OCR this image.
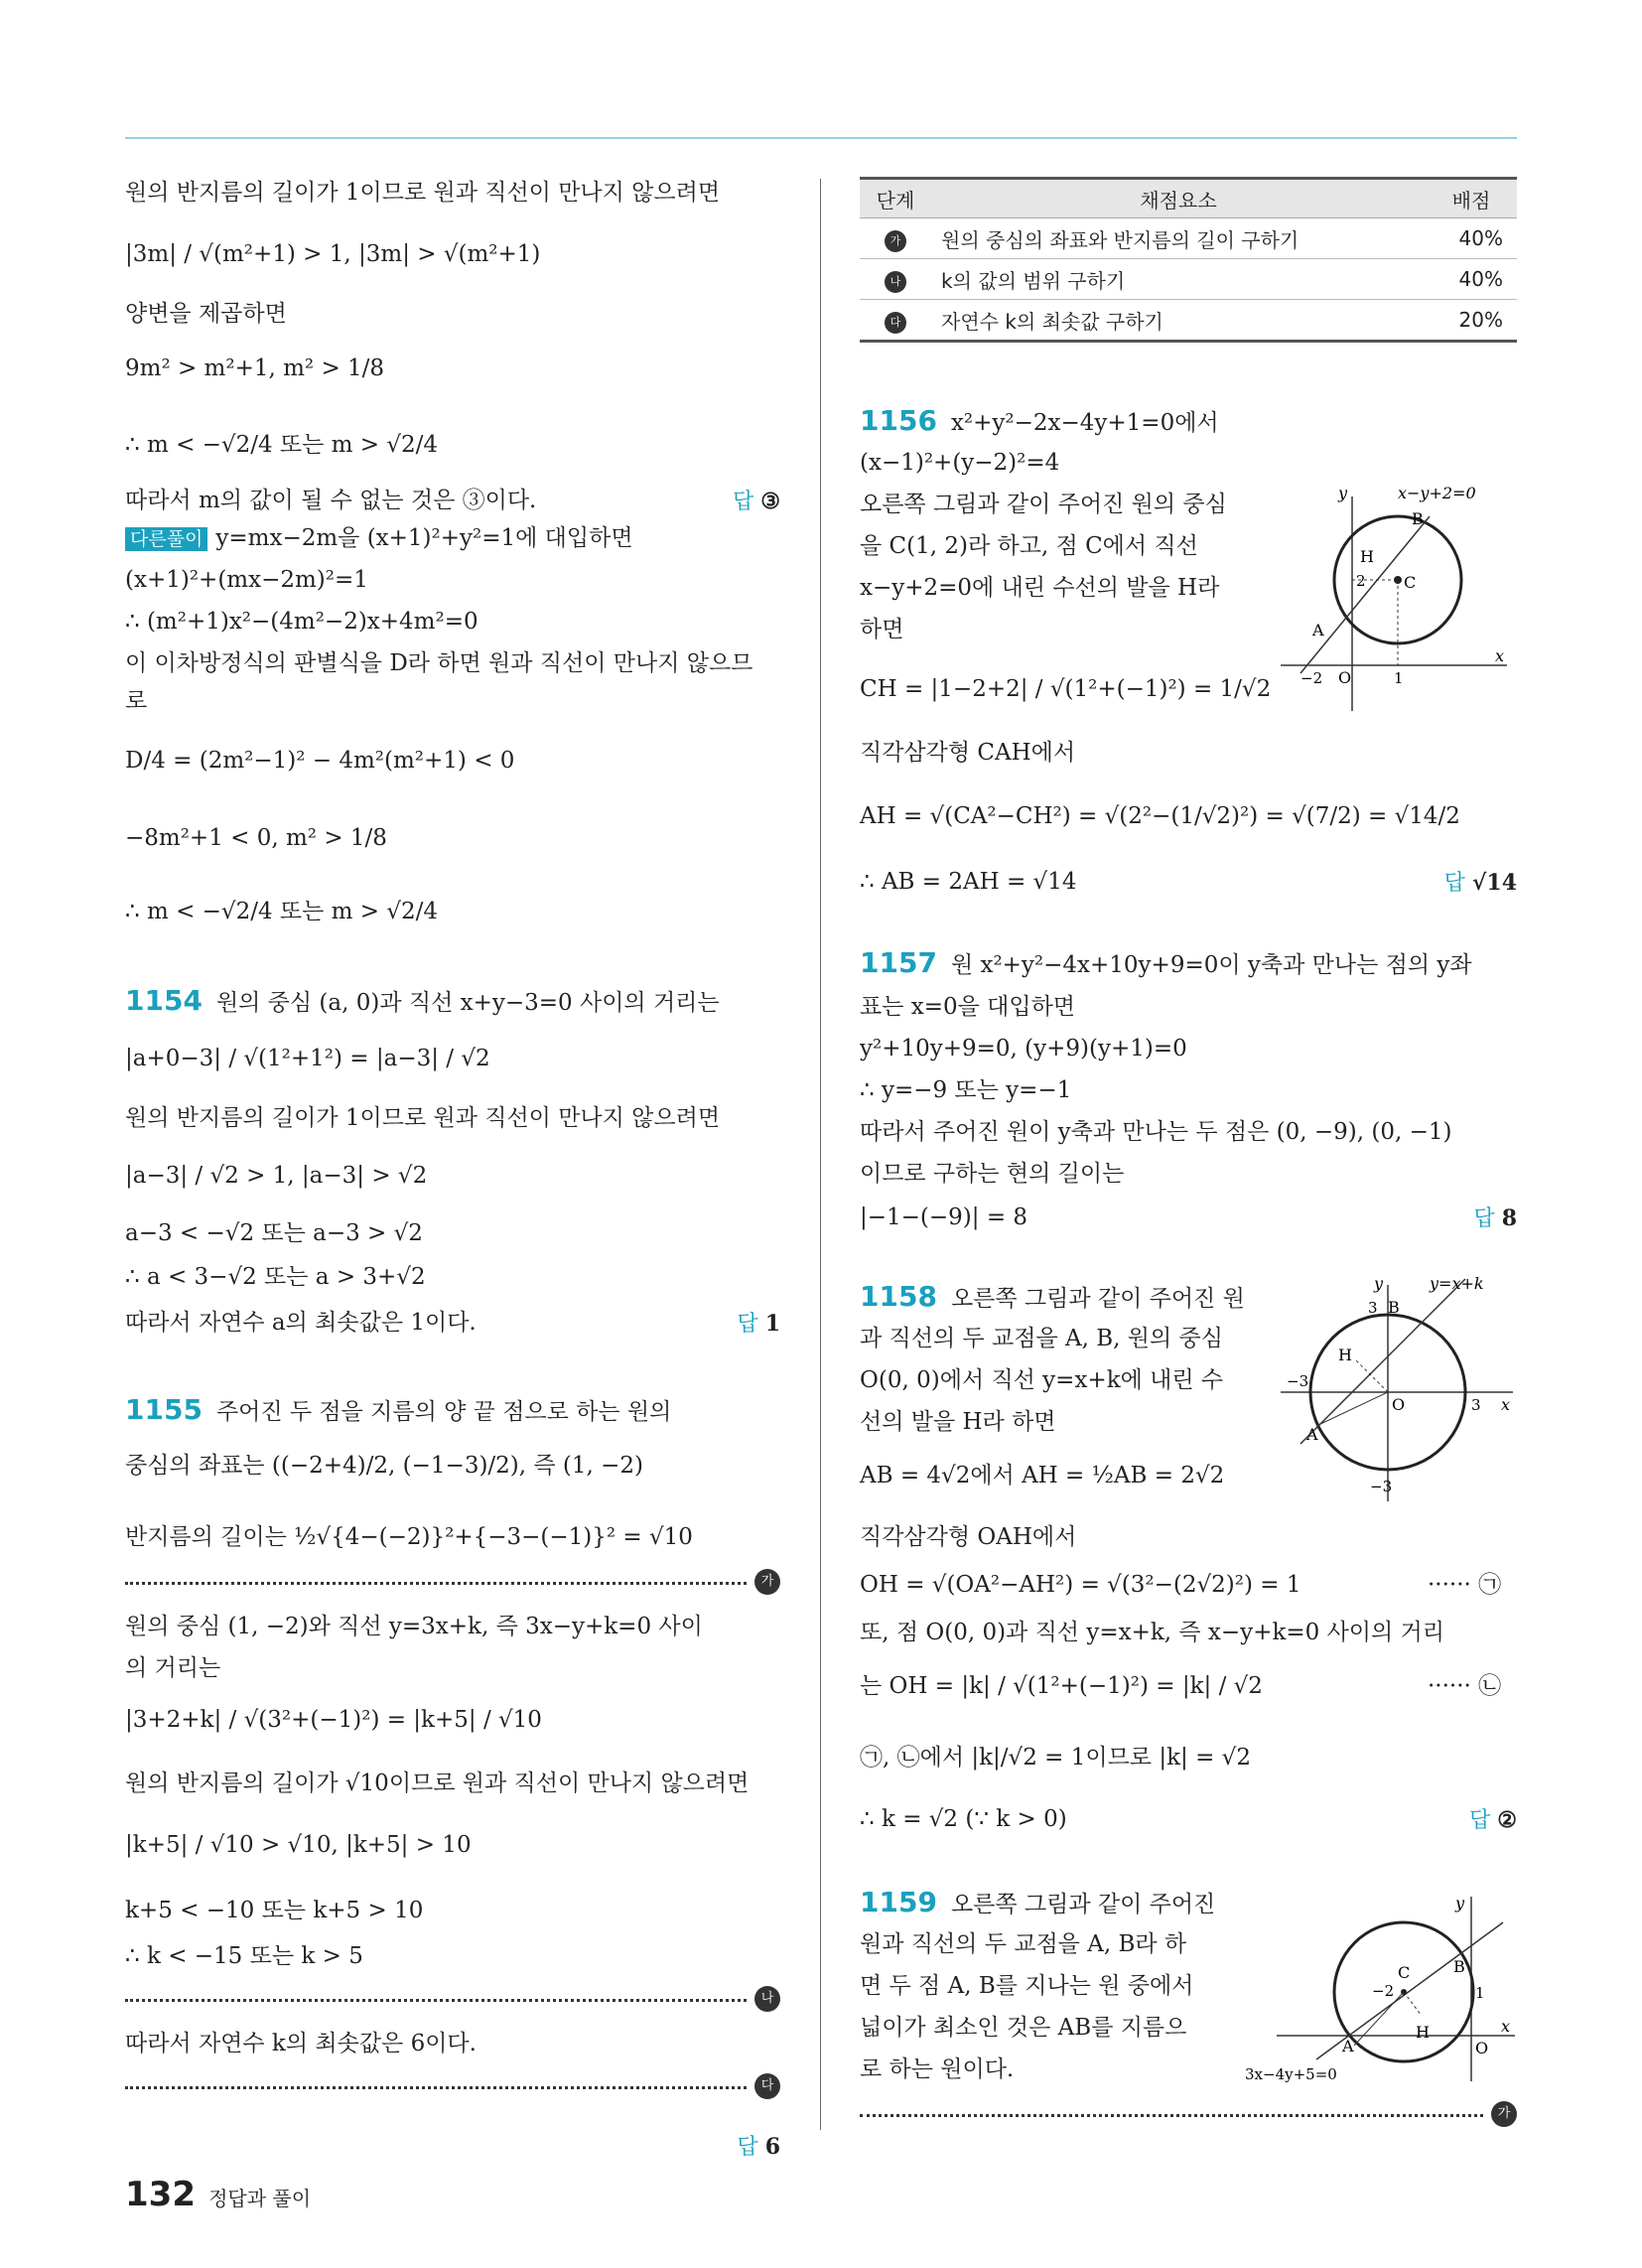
원의 반지름의 길이가 1이므로 원과 직선이 만나지 않으려면
|3m| / √(m²+1) > 1, |3m| > √(m²+1)
양변을 제곱하면
9m² > m²+1, m² > 1/8
∴ m < −√2/4 또는 m > √2/4
따라서 m의 값이 될 수 없는 것은 ③이다.	답 ③
다른풀이 y=mx−2m을 (x+1)²+y²=1에 대입하면
(x+1)²+(mx−2m)²=1
∴ (m²+1)x²−(4m²−2)x+4m²=0
이 이차방정식의 판별식을 D라 하면 원과 직선이 만나지 않으므
로
D/4 = (2m²−1)² − 4m²(m²+1) < 0
−8m²+1 < 0, m² > 1/8
∴ m < −√2/4 또는 m > √2/4
1154 원의 중심 (a, 0)과 직선 x+y−3=0 사이의 거리는
|a+0−3| / √(1²+1²) = |a−3| / √2
원의 반지름의 길이가 1이므로 원과 직선이 만나지 않으려면
|a−3| / √2 > 1, |a−3| > √2
a−3 < −√2 또는 a−3 > √2
∴ a < 3−√2 또는 a > 3+√2
따라서 자연수 a의 최솟값은 1이다.	답 1
1155 주어진 두 점을 지름의 양 끝 점으로 하는 원의
중심의 좌표는 ((−2+4)/2, (−1−3)/2), 즉 (1, −2)
반지름의 길이는 ½√{4−(−2)}²+{−3−(−1)}² = √10
가
원의 중심 (1, −2)와 직선 y=3x+k, 즉 3x−y+k=0 사이
의 거리는
|3+2+k| / √(3²+(−1)²) = |k+5| / √10
원의 반지름의 길이가 √10이므로 원과 직선이 만나지 않으려면
|k+5| / √10 > √10, |k+5| > 10
k+5 < −10 또는 k+5 > 10
∴ k < −15 또는 k > 5
나
따라서 자연수 k의 최솟값은 6이다.
다
답 6
단계	채점요소	배점
가	원의 중심의 좌표와 반지름의 길이 구하기	40%
나	k의 값의 범위 구하기	40%
다	자연수 k의 최솟값 구하기	20%
1156 x²+y²−2x−4y+1=0에서
(x−1)²+(y−2)²=4
오른쪽 그림과 같이 주어진 원의 중심
을 C(1, 2)라 하고, 점 C에서 직선
x−y+2=0에 내린 수선의 발을 H라
하면
CH = |1−2+2| / √(1²+(−1)²) = 1/√2
직각삼각형 CAH에서
AH = √(CA²−CH²) = √(2²−(1/√2)²) = √(7/2) = √14/2
∴ AB = 2AH = √14	답 √14
y	x−y+2=0
x
O
−2	1
2
A
B
C
H
1157 원 x²+y²−4x+10y+9=0이 y축과 만나는 점의 y좌
표는 x=0을 대입하면
y²+10y+9=0, (y+9)(y+1)=0
∴ y=−9 또는 y=−1
따라서 주어진 원이 y축과 만나는 두 점은 (0, −9), (0, −1)
이므로 구하는 현의 길이는
|−1−(−9)| = 8	답 8
1158 오른쪽 그림과 같이 주어진 원
과 직선의 두 교점을 A, B, 원의 중심
O(0, 0)에서 직선 y=x+k에 내린 수
선의 발을 H라 하면
AB = 4√2에서 AH = ½AB = 2√2
직각삼각형 OAH에서
OH = √(OA²−AH²) = √(3²−(2√2)²) = 1	······ ㉠
또, 점 O(0, 0)과 직선 y=x+k, 즉 x−y+k=0 사이의 거리
는 OH = |k| / √(1²+(−1)²) = |k| / √2	······ ㉡
㉠, ㉡에서 |k|/√2 = 1이므로 |k| = √2
∴ k = √2 (∵ k > 0)	답 ②
y	y=x+k
x
O	3
−3
−3
3
A
B
H
1159 오른쪽 그림과 같이 주어진
원과 직선의 두 교점을 A, B라 하
면 두 점 A, B를 지나는 원 중에서
넓이가 최소인 것은 AB를 지름으
로 하는 원이다.
가
y
x
O
−2	1
A
B
C
H
3x−4y+5=0
132 정답과 풀이
